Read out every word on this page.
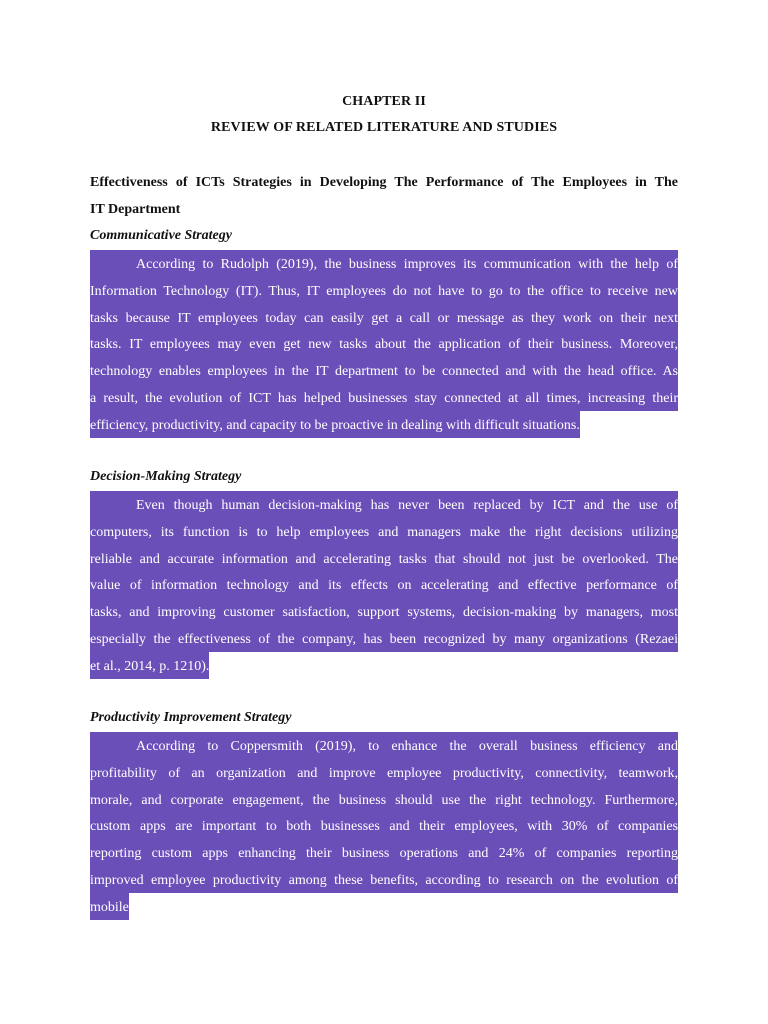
CHAPTER II
REVIEW OF RELATED LITERATURE AND STUDIES
Effectiveness of ICTs Strategies in Developing The Performance of The Employees in The
IT Department
Communicative Strategy
According to Rudolph (2019), the business improves its communication with the help of
Information Technology (IT). Thus, IT employees do not have to go to the office to receive new
tasks because IT employees today can easily get a call or message as they work on their next
tasks. IT employees may even get new tasks about the application of their business. Moreover,
technology enables employees in the IT department to be connected and with the head office. As
a result, the evolution of ICT has helped businesses stay connected at all times, increasing their
efficiency, productivity, and capacity to be proactive in dealing with difficult situations.
Decision-Making Strategy
Even though human decision-making has never been replaced by ICT and the use of
computers, its function is to help employees and managers make the right decisions utilizing
reliable and accurate information and accelerating tasks that should not just be overlooked. The
value of information technology and its effects on accelerating and effective performance of
tasks, and improving customer satisfaction, support systems, decision-making by managers, most
especially the effectiveness of the company, has been recognized by many organizations (Rezaei
et al., 2014, p. 1210).
Productivity Improvement Strategy
According to Coppersmith (2019), to enhance the overall business efficiency and
profitability of an organization and improve employee productivity, connectivity, teamwork,
morale, and corporate engagement, the business should use the right technology. Furthermore,
custom apps are important to both businesses and their employees, with 30% of companies
reporting custom apps enhancing their business operations and 24% of companies reporting
improved employee productivity among these benefits, according to research on the evolution of
mobile
